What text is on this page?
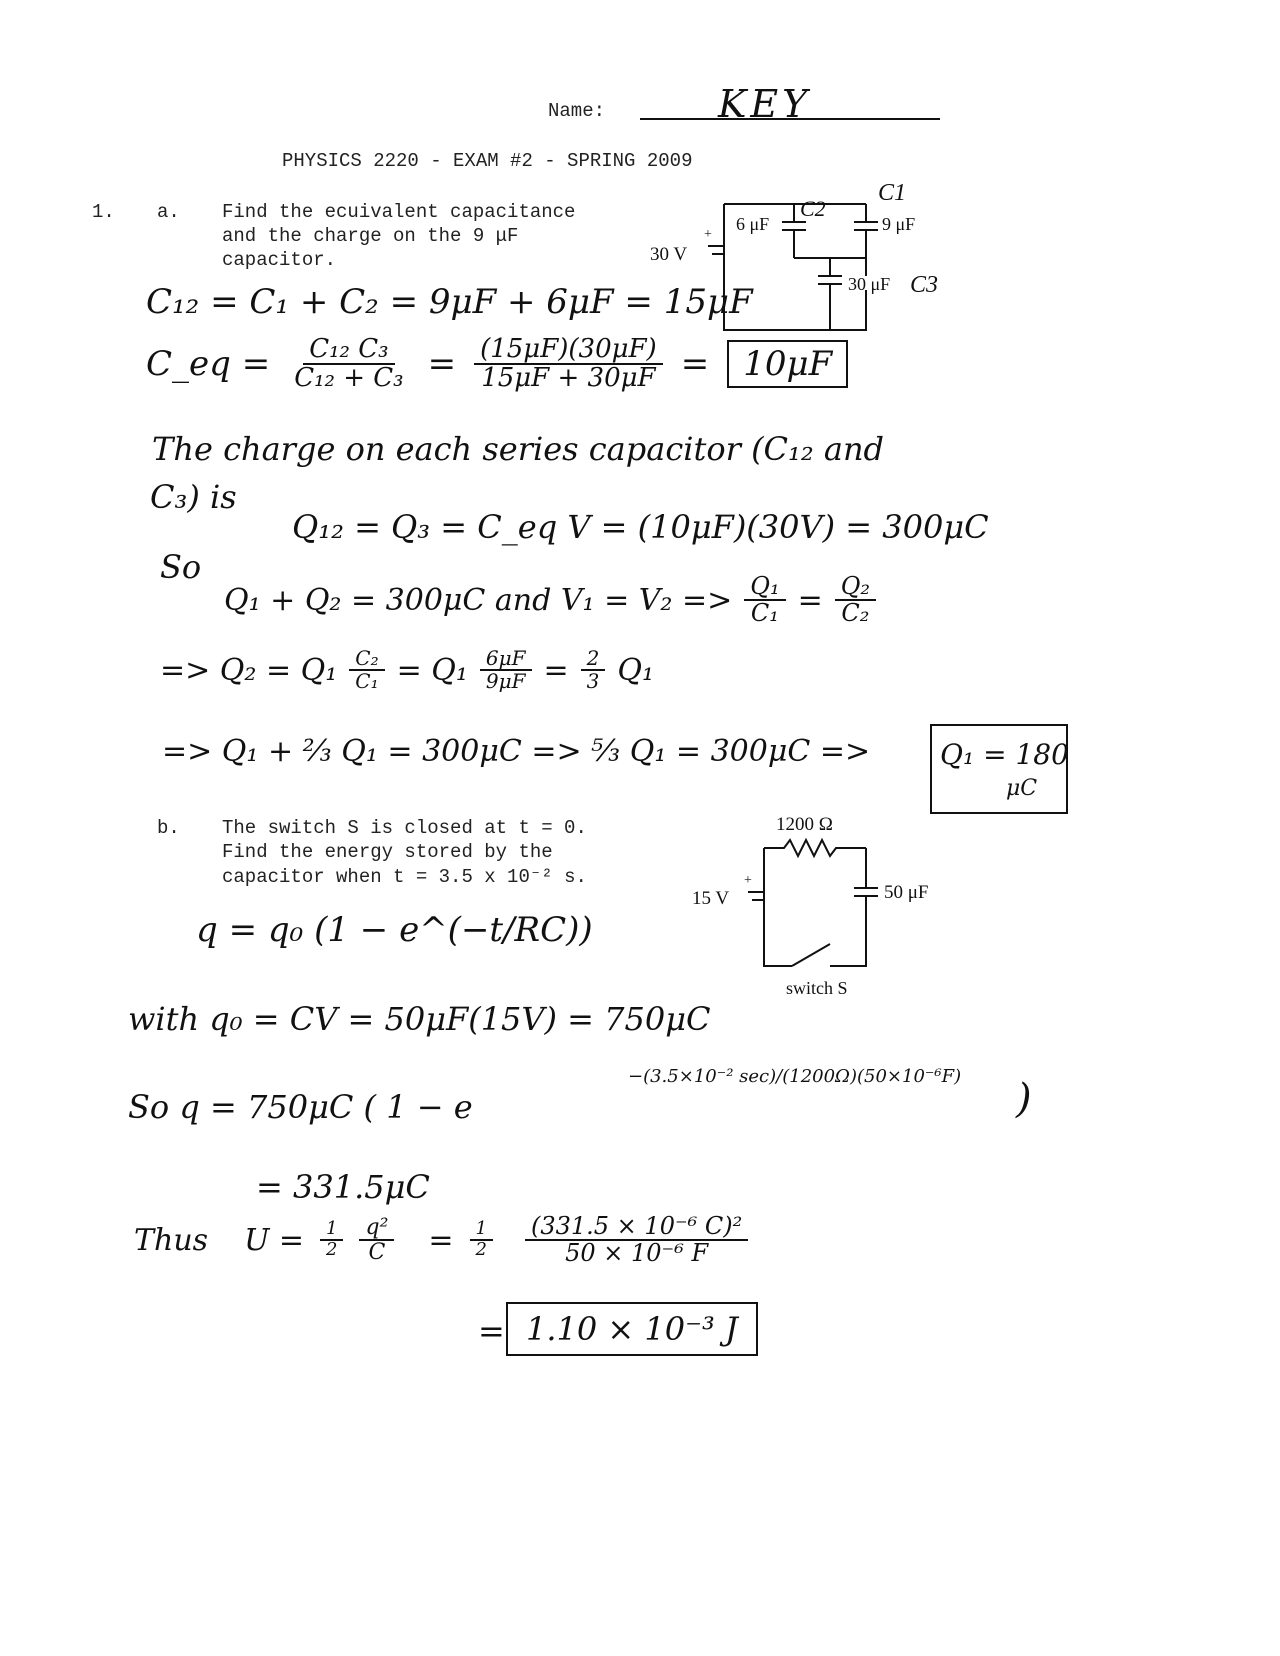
Name:	KEY
PHYSICS 2220 - EXAM #2 - SPRING 2009
1. a. Find the ecuivalent capacitance
and the charge on the 9 μF
capacitor.	30 V
+
6 μF
C2
9 μF
C1
30 μF C3
C₁₂ = C₁ + C₂ = 9μF + 6μF = 15μF
C_eq = $\frac{\text{C₁₂ C₃}}{\text{C₁₂ + C₃}} = \frac{(15\mu F)(30\mu F)}{15\mu F + 30\mu F}$ =	10μF
The charge on each series capacitor (C₁₂ and
C₃) is
Q₁₂ = Q₃ = C_eq V = (10μF)(30V) = 300μC
So
Q₁ + Q₂ = 300μC and $V_1 = V_2 => \frac{\text{Q₁}}{\text{C₁}} = \frac{\text{Q₂}}{\text{C₂}}$
=> $Q_2 = Q_1 \frac{\text{C₂}}{\text{C₁}} = Q_1 \frac{6\mu F}{9\mu F} = \frac{2}{3} Q_1$
=> Q₁ + ⅔ Q₁ = 300μC => ⁵⁄₃ Q₁ = 300μC => Q₁ = 180
μC
b. The switch S is closed at t = 0.
Find the energy stored by the
capacitor when t = 3.5 x 10⁻² s.
1200 Ω
15 V
+
50 μF
switch S
q = q₀ (1 − e^(−t/RC))
with q₀ = CV = 50μF(15V) = 750μC
So q = 750μC ( 1 − e
−(3.5×10⁻² sec)/(1200Ω)(50×10⁻⁶F) )
= 331.5μC
Thus $U = \frac{1}{2} \frac{\text{q²}}{C} = \frac{1}{2} \frac{\text{(331.5 × 10⁻⁶ C)²}}{\text{50 × 10⁻⁶ F}}$
= 1.10 × 10⁻³ J
